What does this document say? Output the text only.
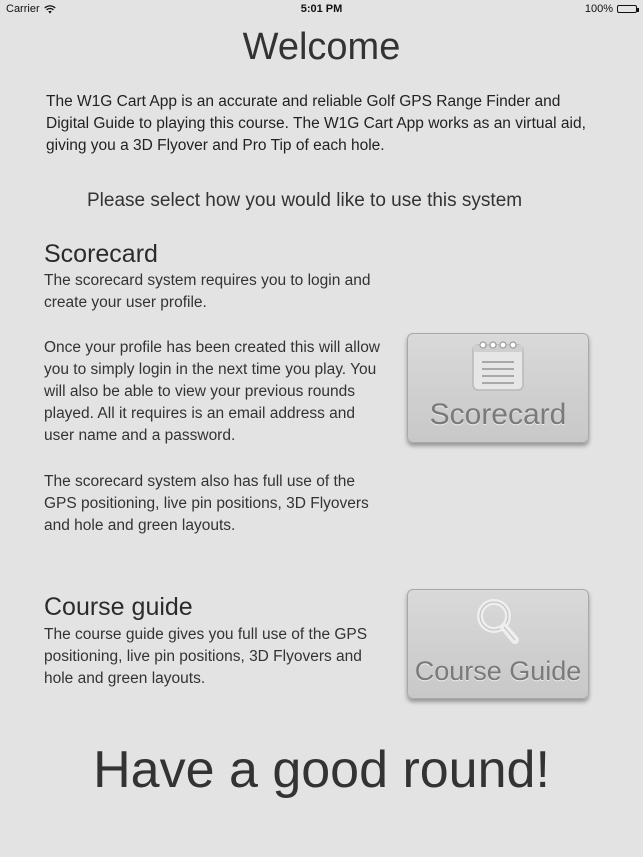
Carrier	5:01 PM	100%
Welcome
The W1G Cart App is an accurate and reliable Golf GPS Range Finder and Digital Guide to playing this course. The W1G Cart App works as an virtual aid, giving you a 3D Flyover and Pro Tip of each hole.
Please select how you would like to use this system
Scorecard
The scorecard system requires you to login and create your user profile.
Once your profile has been created this will allow you to simply login in the next time you play. You will also be able to view your previous rounds played. All it requires is an email address and user name and a password.
The scorecard system also has full use of the GPS positioning, live pin positions, 3D Flyovers and hole and green layouts.
Scorecard
Course guide
The course guide gives you full use of the GPS positioning, live pin positions, 3D Flyovers and hole and green layouts.	Course Guide
Have a good round!
